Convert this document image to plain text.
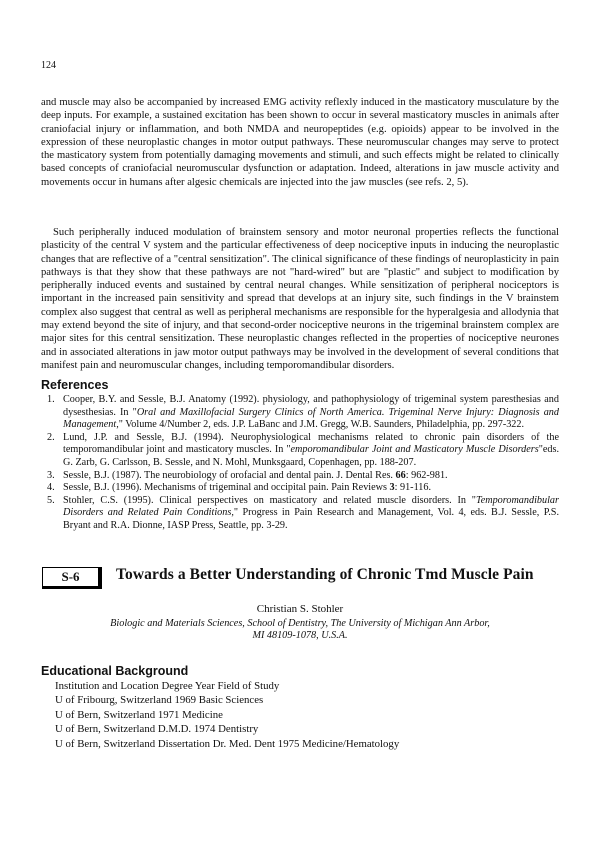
124
and muscle may also be accompanied by increased EMG activity reflexly induced in the masticatory musculature by the deep inputs. For example, a sustained excitation has been shown to occur in several masticatory muscles in animals after craniofacial injury or inflammation, and both NMDA and neuropeptides (e.g. opioids) appear to be involved in the expression of these neuroplastic changes in motor output pathways. These neuromuscular changes may serve to protect the masticatory system from potentially damaging movements and stimuli, and such effects might be related to clinically based concepts of craniofacial neuromuscular dysfunction or adaptation. Indeed, alterations in jaw muscle activity and movements occur in humans after algesic chemicals are injected into the jaw muscles (see refs. 2, 5).
Such peripherally induced modulation of brainstem sensory and motor neuronal properties reflects the functional plasticity of the central V system and the particular effectiveness of deep nociceptive inputs in inducing the neuroplastic changes that are reflective of a "central sensitization". The clinical significance of these findings of neuroplasticity in pain pathways is that they show that these pathways are not "hard-wired" but are "plastic" and subject to modification by peripherally induced events and sustained by central neural changes. While sensitization of peripheral nociceptors is important in the increased pain sensitivity and spread that develops at an injury site, such findings in the V brainstem complex also suggest that central as well as peripheral mechanisms are responsible for the hyperalgesia and allodynia that may extend beyond the site of injury, and that second-order nociceptive neurons in the trigeminal brainstem complex are major sites for this central sensitization. These neuroplastic changes reflected in the properties of nociceptive neurones and in associated alterations in jaw motor output pathways may be involved in the development of several conditions that manifest pain and neuromuscular changes, including temporomandibular disorders.
References
1. Cooper, B.Y. and Sessle, B.J. Anatomy (1992). physiology, and pathophysiology of trigeminal system paresthesias and dysesthesias. In "Oral and Maxillofacial Surgery Clinics of North America. Trigeminal Nerve Injury: Diagnosis and Management," Volume 4/Number 2, eds. J.P. LaBanc and J.M. Gregg, W.B. Saunders, Philadelphia, pp. 297-322.
2. Lund, J.P. and Sessle, B.J. (1994). Neurophysiological mechanisms related to chronic pain disorders of the temporomandibular joint and masticatory muscles. In "emporomandibular Joint and Masticatory Muscle Disorders"eds. G. Zarb, G. Carlsson, B. Sessle, and N. Mohl, Munksgaard, Copenhagen, pp. 188-207.
3. Sessle, B.J. (1987). The neurobiology of orofacial and dental pain. J. Dental Res. 66: 962-981.
4. Sessle, B.J. (1996). Mechanisms of trigeminal and occipital pain. Pain Reviews 3: 91-116.
5. Stohler, C.S. (1995). Clinical perspectives on masticatory and related muscle disorders. In "Temporomandibular Disorders and Related Pain Conditions," Progress in Pain Research and Management, Vol. 4, eds. B.J. Sessle, P.S. Bryant and R.A. Dionne, IASP Press, Seattle, pp. 3-29.
S-6	Towards a Better Understanding of Chronic Tmd Muscle Pain
Christian S. Stohler
Biologic and Materials Sciences, School of Dentistry, The University of Michigan Ann Arbor,
MI 48109-1078, U.S.A.
Educational Background
Institution and Location Degree Year Field of Study
U of Fribourg, Switzerland 1969 Basic Sciences
U of Bern, Switzerland 1971 Medicine
U of Bern, Switzerland D.M.D. 1974 Dentistry
U of Bern, Switzerland Dissertation Dr. Med. Dent 1975 Medicine/Hematology
